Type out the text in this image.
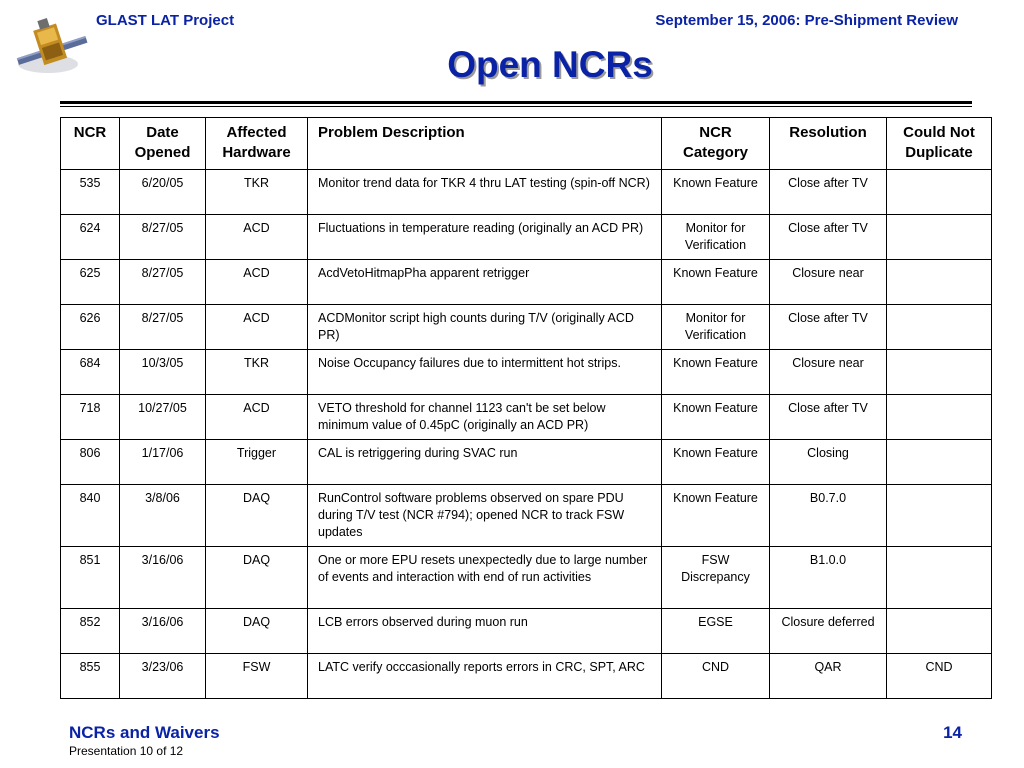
GLAST LAT Project	September 15, 2006: Pre-Shipment Review
Open NCRs
NCR	Date Opened	Affected Hardware	Problem Description	NCR Category	Resolution	Could Not Duplicate
535	6/20/05	TKR	Monitor trend data for TKR 4 thru LAT testing (spin-off NCR)	Known Feature	Close after TV	
624	8/27/05	ACD	Fluctuations in temperature reading (originally an ACD PR)	Monitor for Verification	Close after TV	
625	8/27/05	ACD	AcdVetoHitmapPha apparent retrigger	Known Feature	Closure near	
626	8/27/05	ACD	ACDMonitor script high counts during T/V (originally ACD PR)	Monitor for Verification	Close after TV	
684	10/3/05	TKR	Noise Occupancy failures due to intermittent hot strips.	Known Feature	Closure near	
718	10/27/05	ACD	VETO threshold for channel 1123 can't be set below minimum value of 0.45pC (originally an ACD PR)	Known Feature	Close after TV	
806	1/17/06	Trigger	CAL is retriggering during SVAC run	Known Feature	Closing	
840	3/8/06	DAQ	RunControl software problems observed on spare PDU during T/V test (NCR #794); opened NCR to track FSW updates	Known Feature	B0.7.0	
851	3/16/06	DAQ	One or more EPU resets unexpectedly due to large number of events and interaction with end of run activities	FSW Discrepancy	B1.0.0	
852	3/16/06	DAQ	LCB errors observed during muon run	EGSE	Closure deferred	
855	3/23/06	FSW	LATC verify occcasionally reports errors in CRC, SPT, ARC	CND	QAR	CND
NCRs and Waivers
Presentation 10 of 12
14
